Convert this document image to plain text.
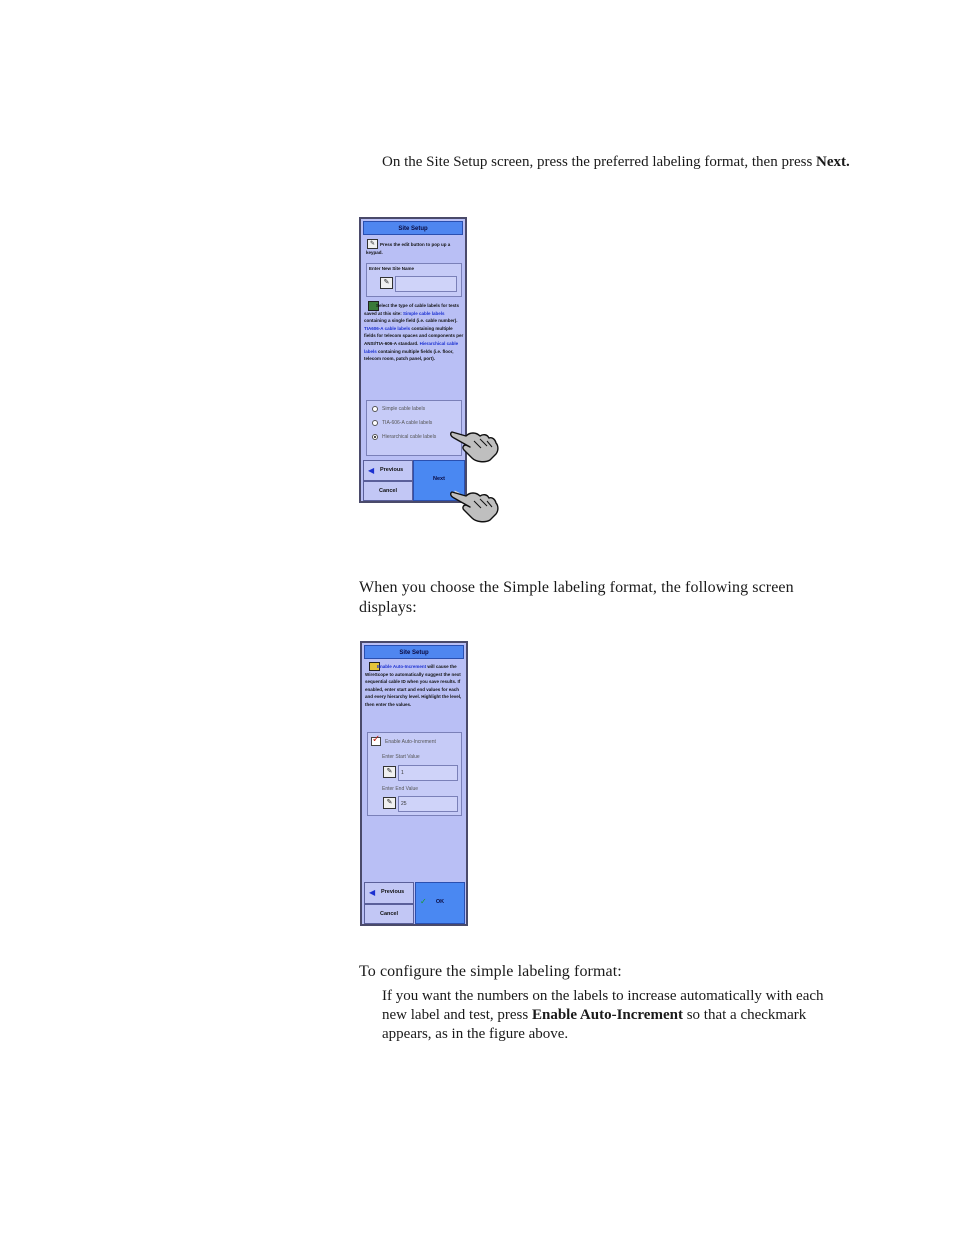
On the Site Setup screen, press the preferred labeling format, then press Next.

Site Setup
✎	Press the edit button to pop up a keypad.
Enter New Site Name
✎
Select the type of cable labels for tests saved at this site: Simple cable labels containing a single field (i.e. cable number). TIA606-A cable labels containing multiple fields for telecom spaces and components per ANSI/TIA-606-A standard. Hierarchical cable labels containing multiple fields (i.e. floor, telecom room, patch panel, port).
Simple cable labels
TIA-606-A cable labels
Hierarchical cable labels
◀ Previous
Cancel
Next

When you choose the Simple labeling format, the following screen displays:

Site Setup
Enable Auto-Increment will cause the WireScope to automatically suggest the next sequential cable ID when you save results. If enabled, enter start and end values for each and every hierarchy level. Highlight the level, then enter the values.
✓ Enable Auto-Increment
Enter Start Value
✎	1
Enter End Value
✎	25
◀ Previous
Cancel
✓ OK

To configure the simple labeling format:

If you want the numbers on the labels to increase automatically with each new label and test, press Enable Auto-Increment so that a checkmark appears, as in the figure above.
